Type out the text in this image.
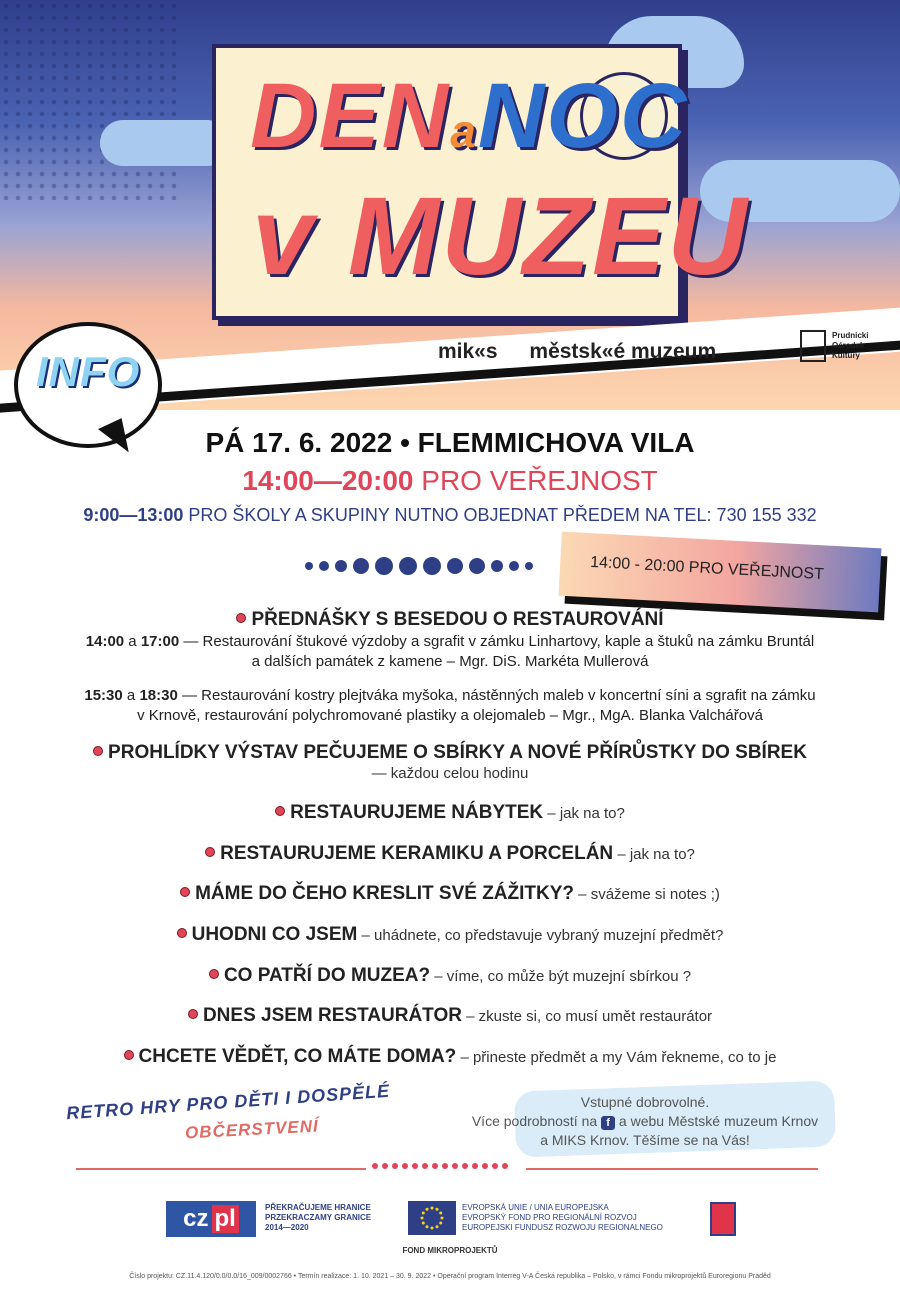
DENaNOC
v MUZEU
mik«s městsk«é muzeum
Prudnicki Ośrodek Kultury
INFO
PÁ 17. 6. 2022 • FLEMMICHOVA VILA
14:00—20:00 PRO VEŘEJNOST
9:00—13:00 PRO ŠKOLY A SKUPINY NUTNO OBJEDNAT PŘEDEM NA TEL: 730 155 332
14:00 - 20:00 PRO VEŘEJNOST
PŘEDNÁŠKY S BESEDOU O RESTAUROVÁNÍ
14:00 a 17:00 — Restaurování štukové výzdoby a sgrafit v zámku Linhartovy, kaple a štuků na zámku Bruntál
a dalších památek z kamene – Mgr. DiS. Markéta Mullerová
15:30 a 18:30 — Restaurování kostry plejtváka myšoka, nástěnných maleb v koncertní síni a sgrafit na zámku
v Krnově, restaurování polychromované plastiky a olejomaleb – Mgr., MgA. Blanka Valchářová
PROHLÍDKY VÝSTAV PEČUJEME O SBÍRKY A NOVÉ PŘÍRŮSTKY DO SBÍREK
— každou celou hodinu
RESTAURUJEME NÁBYTEK – jak na to?
RESTAURUJEME KERAMIKU A PORCELÁN – jak na to?
MÁME DO ČEHO KRESLIT SVÉ ZÁŽITKY? – svážeme si notes ;)
UHODNI CO JSEM – uhádnete, co představuje vybraný muzejní předmět?
CO PATŘÍ DO MUZEA? – víme, co může být muzejní sbírkou ?
DNES JSEM RESTAURÁTOR – zkuste si, co musí umět restaurátor
CHCETE VĚDĚT, CO MÁTE DOMA? – přineste předmět a my Vám řekneme, co to je
RETRO HRY PRO DĚTI I DOSPĚLÉ
OBČERSTVENÍ
Vstupné dobrovolné.
Více podrobností na f a webu Městské muzeum Krnov
a MIKS Krnov. Těšíme se na Vás!
cz pl	PŘEKRAČUJEME HRANICE
PRZEKRACZAMY GRANICE
2014—2020
EVROPSKÁ UNIE / UNIA EUROPEJSKA
EVROPSKÝ FOND PRO REGIONÁLNÍ ROZVOJ
EUROPEJSKI FUNDUSZ ROZWOJU REGIONALNEGO
FOND MIKROPROJEKTŮ
Číslo projektu: CZ.11.4.120/0.0/0.0/16_009/0002766 • Termín realizace: 1. 10. 2021 – 30. 9. 2022 • Operační program Interreg V-A Česká republika – Polsko, v rámci Fondu mikroprojektů Euroregionu Praděd
